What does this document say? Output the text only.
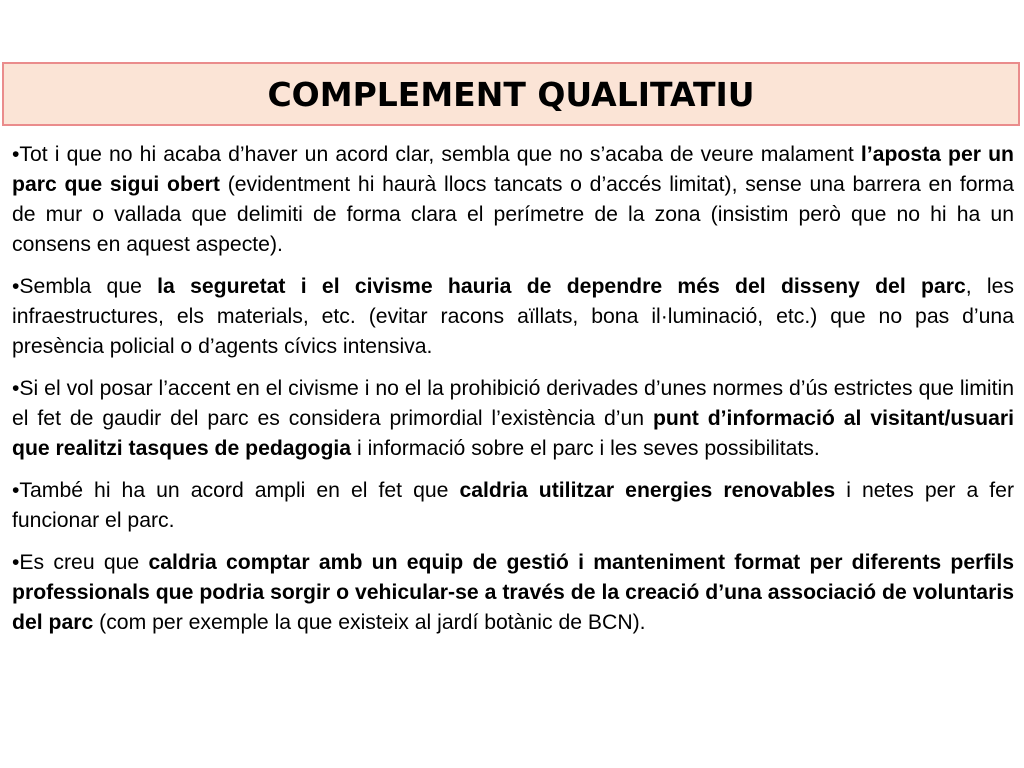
COMPLEMENT QUALITATIU

•Tot i que no hi acaba d’haver un acord clar, sembla que no s’acaba de veure malament l’aposta per un parc que sigui obert (evidentment hi haurà llocs tancats o d’accés limitat), sense una barrera en forma de mur o vallada que delimiti de forma clara el perímetre de la zona (insistim però que no hi ha un consens en aquest aspecte).

•Sembla que la seguretat i el civisme hauria de dependre més del disseny del parc, les infraestructures, els materials, etc. (evitar racons aïllats, bona il·luminació, etc.) que no pas d’una presència policial o d’agents cívics intensiva.

•Si el vol posar l’accent en el civisme i no el la prohibició derivades d’unes normes d’ús estrictes que limitin el fet de gaudir del parc es considera primordial l’existència d’un punt d’informació al visitant/usuari que realitzi tasques de pedagogia i informació sobre el parc i les seves possibilitats.

•També hi ha un acord ampli en el fet que caldria utilitzar energies renovables i netes per a fer funcionar el parc.

•Es creu que caldria comptar amb un equip de gestió i manteniment format per diferents perfils professionals que podria sorgir o vehicular-se a través de la creació d’una associació de voluntaris del parc (com per exemple la que existeix al jardí botànic de BCN).
